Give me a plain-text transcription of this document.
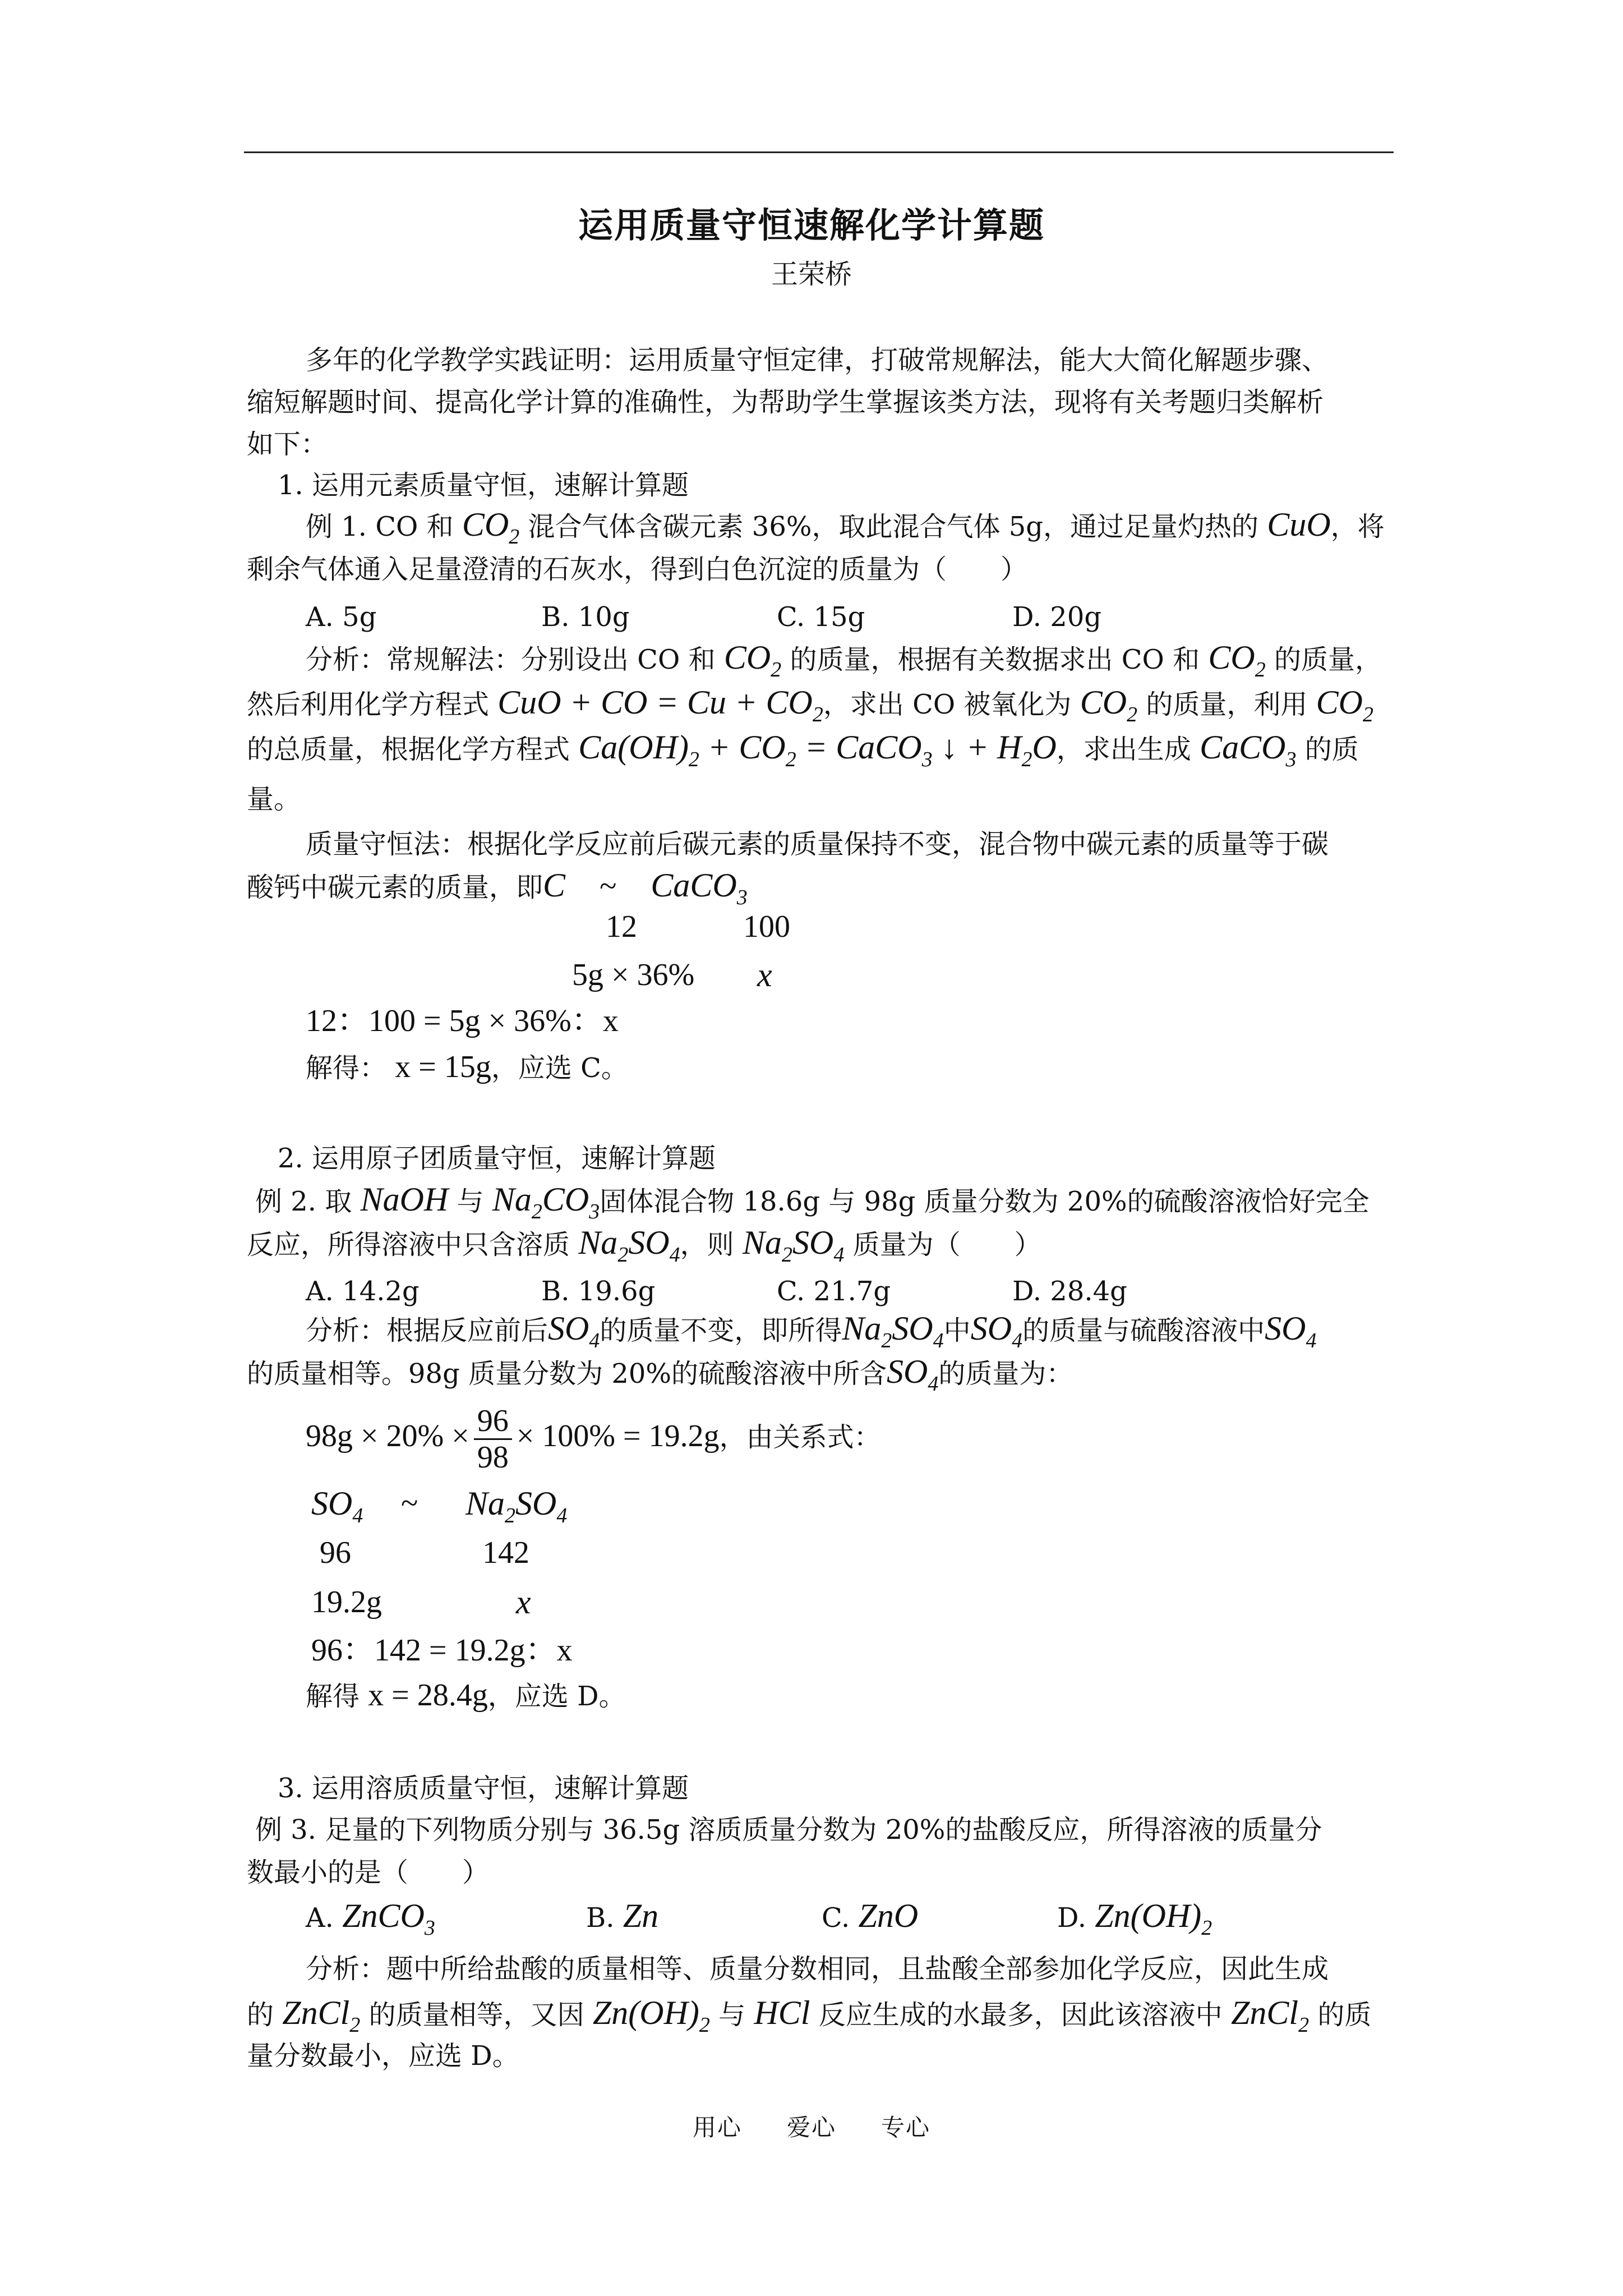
运用质量守恒速解化学计算题
王荣桥
多年的化学教学实践证明：运用质量守恒定律，打破常规解法，能大大简化解题步骤、
缩短解题时间、提高化学计算的准确性，为帮助学生掌握该类方法，现将有关考题归类解析
如下：
1. 运用元素质量守恒，速解计算题
例 1. CO 和 $CO_2$ 混合气体含碳元素 36%，取此混合气体 5g，通过足量灼热的 CuO，将
剩余气体通入足量澄清的石灰水，得到白色沉淀的质量为（　　）
A. 5g	B. 10g	C. 15g	D. 20g
分析：常规解法：分别设出 CO 和 $CO_2$ 的质量，根据有关数据求出 CO 和 $CO_2$ 的质量，
然后利用化学方程式 CuO + CO = $Cu + CO_2$，求出 CO 被氧化为 $CO_2$ 的质量，利用 $CO_2$
的总质量，根据化学方程式 $Ca(OH)_2 + CO_2$ = CaCO$_3$ ↓ + $H_2O$，求出生成 CaCO$_3$ 的质
量。
质量守恒法：根据化学反应前后碳元素的质量保持不变，混合物中碳元素的质量等于碳
酸钙中碳元素的质量，即C ~ CaCO$_3$
12	100
5g × 36% x
12：100 = 5g × 36%：x
解得： x = 15g，应选 C。
2. 运用原子团质量守恒，速解计算题
例 2. 取 NaOH 与 $Na_2CO_3$固体混合物 18.6g 与 98g 质量分数为 20%的硫酸溶液恰好完全
反应，所得溶液中只含溶质 $Na_2SO_4$，则 $Na_2SO_4$ 质量为（　　）
A. 14.2g	B. 19.6g	C. 21.7g	D. 28.4g
分析：根据反应前后$SO_4$的质量不变，即所得$Na_2SO_4$中$SO_4$的质量与硫酸溶液中$SO_4$
的质量相等。98g 质量分数为 20%的硫酸溶液中所含$SO_4$的质量为：
$98g \times 20\% \times \frac{96}{98} \times 100\% = 19.2g$，由关系式：
$SO_4$ ~ $Na_2SO_4$
96	142
19.2g	x
96：142 = 19.2g：x
解得 x = 28.4g，应选 D。
3. 运用溶质质量守恒，速解计算题
例 3. 足量的下列物质分别与 36.5g 溶质质量分数为 20%的盐酸反应，所得溶液的质量分
数最小的是（　　）
A. ZnCO$_3$	B. Zn	C. ZnO	D. $Zn(OH)_2$
分析：题中所给盐酸的质量相等、质量分数相同，且盐酸全部参加化学反应，因此生成
的 ZnCl$_2$ 的质量相等，又因 $Zn(OH)_2$ 与 HCl 反应生成的水最多，因此该溶液中 ZnCl$_2$ 的质
量分数最小，应选 D。
用心 爱心 专心
